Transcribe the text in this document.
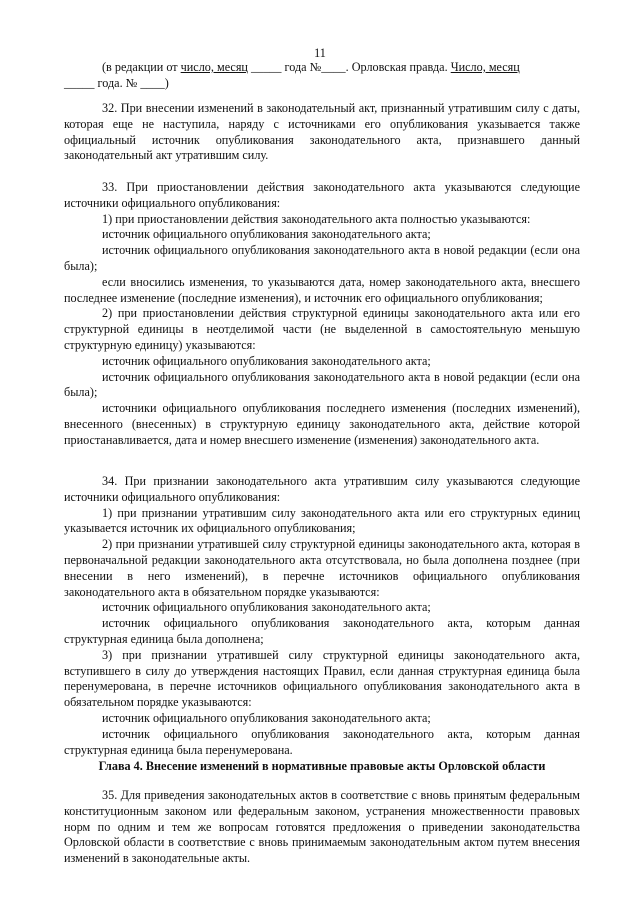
11

(в редакции от число, месяц _____ года №____. Орловская правда. Число, месяц

_____ года. № ____)

32. При внесении изменений в законодательный акт, признанный утратившим силу с даты, которая еще не наступила, наряду с источниками его опубликования указывается также официальный источник опубликования законодательного акта, признавшего данный законодательный акт утратившим силу.

33. При приостановлении действия законодательного акта указываются следующие источники официального опубликования:

1) при приостановлении действия законодательного акта полностью указываются:

источник официального опубликования законодательного акта;

источник официального опубликования законодательного акта в новой редакции (если она была);

если вносились изменения, то указываются дата, номер законодательного акта, внесшего последнее изменение (последние изменения), и источник его официального опубликования;

2) при приостановлении действия структурной единицы законодательного акта или его структурной единицы в неотделимой части (не выделенной в самостоятельную меньшую структурную единицу) указываются:

источник официального опубликования законодательного акта;

источник официального опубликования законодательного акта в новой редакции (если она была);

источники официального опубликования последнего изменения (последних изменений), внесенного (внесенных) в структурную единицу законодательного акта, действие которой приостанавливается, дата и номер внесшего изменение (изменения) законодательного акта.

34. При признании законодательного акта утратившим силу указываются следующие источники официального опубликования:

1) при признании утратившим силу законодательного акта или его структурных единиц указывается источник их официального опубликования;

2) при признании утратившей силу структурной единицы законодательного акта, которая в первоначальной редакции законодательного акта отсутствовала, но была дополнена позднее (при внесении в него изменений), в перечне источников официального опубликования законодательного акта в обязательном порядке указываются:

источник официального опубликования законодательного акта;

источник официального опубликования законодательного акта, которым данная структурная единица была дополнена;

3) при признании утратившей силу структурной единицы законодательного акта, вступившего в силу до утверждения настоящих Правил, если данная структурная единица была перенумерована, в перечне источников официального опубликования законодательного акта в обязательном порядке указываются:

источник официального опубликования законодательного акта;

источник официального опубликования законодательного акта, которым данная структурная единица была перенумерована.

Глава 4. Внесение изменений в нормативные правовые акты Орловской области

35. Для приведения законодательных актов в соответствие с вновь принятым федеральным конституционным законом или федеральным законом, устранения множественности правовых норм по одним и тем же вопросам готовятся предложения о приведении законодательства Орловской области в соответствие с вновь принимаемым законодательным актом путем внесения изменений в законодательные акты.
